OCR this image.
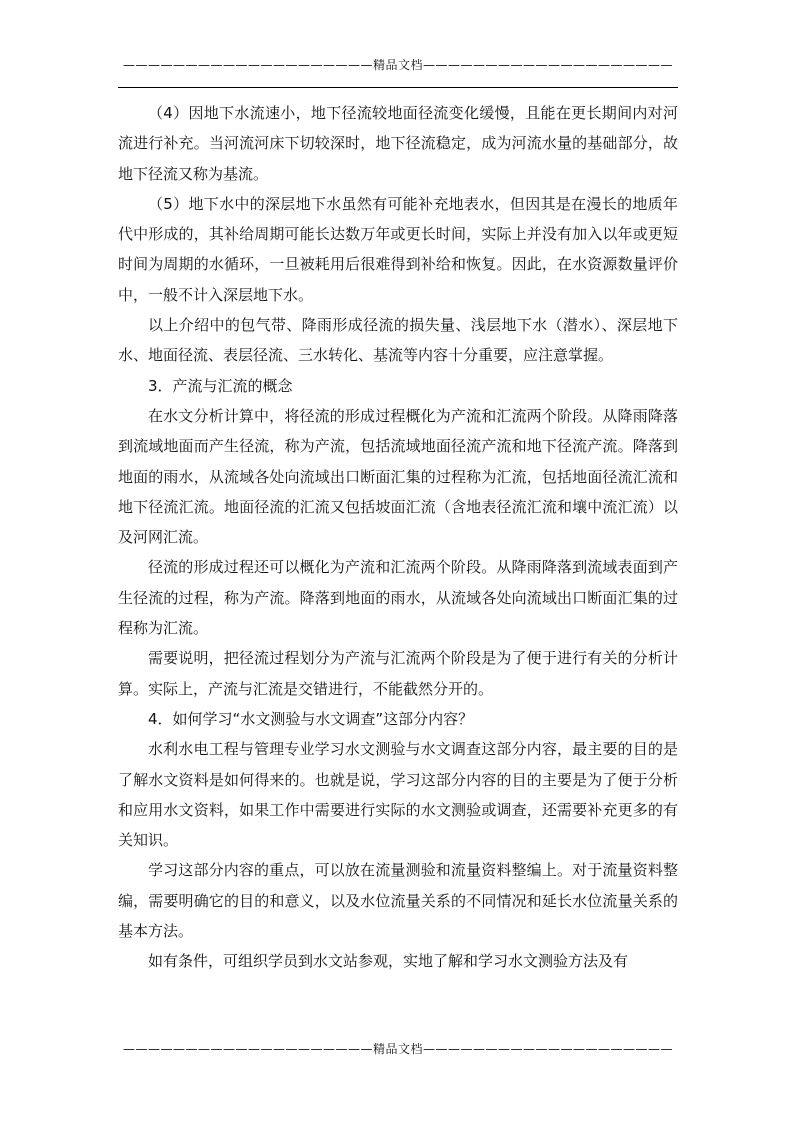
————————————————————精品文档————————————————————

（4）因地下水流速小，地下径流较地面径流变化缓慢，且能在更长期间内对河流进行补充。当河流河床下切较深时，地下径流稳定，成为河流水量的基础部分，故地下径流又称为基流。

（5）地下水中的深层地下水虽然有可能补充地表水，但因其是在漫长的地质年代中形成的，其补给周期可能长达数万年或更长时间，实际上并没有加入以年或更短时间为周期的水循环，一旦被耗用后很难得到补给和恢复。因此，在水资源数量评价中，一般不计入深层地下水。

以上介绍中的包气带、降雨形成径流的损失量、浅层地下水（潜水）、深层地下水、地面径流、表层径流、三水转化、基流等内容十分重要，应注意掌握。

3．产流与汇流的概念

在水文分析计算中，将径流的形成过程概化为产流和汇流两个阶段。从降雨降落到流域地面而产生径流，称为产流，包括流域地面径流产流和地下径流产流。降落到地面的雨水，从流域各处向流域出口断面汇集的过程称为汇流，包括地面径流汇流和地下径流汇流。地面径流的汇流又包括坡面汇流（含地表径流汇流和壤中流汇流）以及河网汇流。

径流的形成过程还可以概化为产流和汇流两个阶段。从降雨降落到流域表面到产生径流的过程，称为产流。降落到地面的雨水，从流域各处向流域出口断面汇集的过程称为汇流。

需要说明，把径流过程划分为产流与汇流两个阶段是为了便于进行有关的分析计算。实际上，产流与汇流是交错进行，不能截然分开的。

4．如何学习“水文测验与水文调查”这部分内容？

水利水电工程与管理专业学习水文测验与水文调查这部分内容，最主要的目的是了解水文资料是如何得来的。也就是说，学习这部分内容的目的主要是为了便于分析和应用水文资料，如果工作中需要进行实际的水文测验或调查，还需要补充更多的有关知识。

学习这部分内容的重点，可以放在流量测验和流量资料整编上。对于流量资料整编，需要明确它的目的和意义，以及水位流量关系的不同情况和延长水位流量关系的基本方法。

如有条件，可组织学员到水文站参观，实地了解和学习水文测验方法及有

————————————————————精品文档————————————————————
